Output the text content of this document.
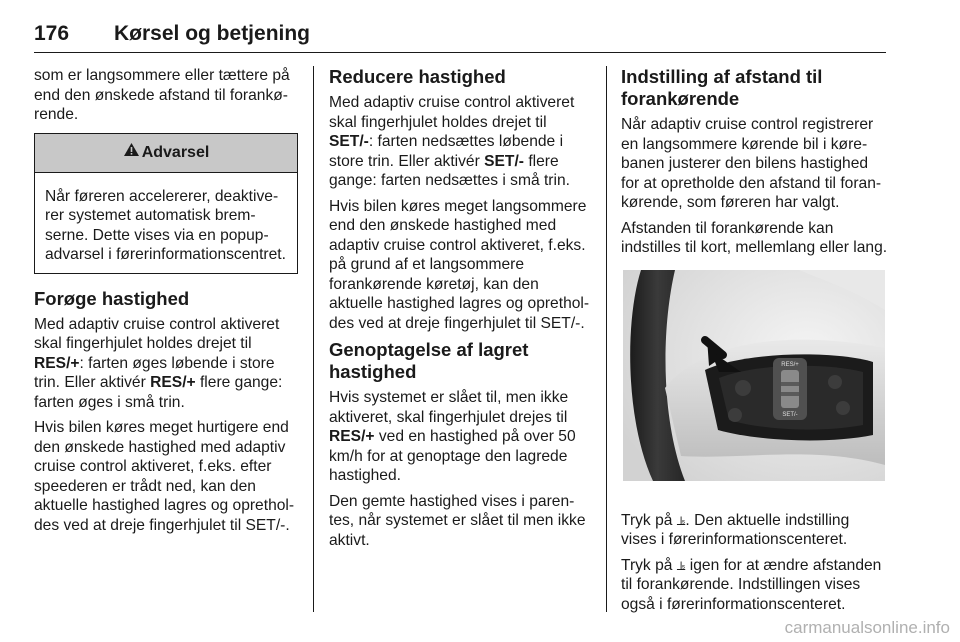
176 Kørsel og betjening

som er langsommere eller tættere på end den ønskede afstand til forankørende.

Advarsel
Når føreren accelererer, deaktiverer systemet automatisk bremserne. Dette vises via en popup-advarsel i førerinformationscentret.
Forøge hastighed

Med adaptiv cruise control aktiveret skal fingerhjulet holdes drejet til RES/+: farten øges løbende i store trin. Eller aktivér RES/+ flere gange: farten øges i små trin.

Hvis bilen køres meget hurtigere end den ønskede hastighed med adaptiv cruise control aktiveret, f.eks. efter speederen er trådt ned, kan den aktuelle hastighed lagres og opretholdes ved at dreje fingerhjulet til SET/-.

Reducere hastighed

Med adaptiv cruise control aktiveret skal fingerhjulet holdes drejet til SET/-: farten nedsættes løbende i store trin. Eller aktivér SET/- flere gange: farten nedsættes i små trin.

Hvis bilen køres meget langsommere end den ønskede hastighed med adaptiv cruise control aktiveret, f.eks. på grund af et langsommere forankørende køretøj, kan den aktuelle hastighed lagres og opretholdes ved at dreje fingerhjulet til SET/-.

Genoptagelse af lagret hastighed

Hvis systemet er slået til, men ikke aktiveret, skal fingerhjulet drejes til RES/+ ved en hastighed på over 50 km/h for at genoptage den lagrede hastighed.

Den gemte hastighed vises i parentes, når systemet er slået til men ikke aktivt.

Indstilling af afstand til forankørende

Når adaptiv cruise control registrerer en langsommere kørende bil i kørebanen justerer den bilens hastighed for at opretholde den afstand til forankørende, som føreren har valgt.

Afstanden til forankørende kan indstilles til kort, mellemlang eller lang.

RES/+
SET/-

Tryk på ⫡. Den aktuelle indstilling vises i førerinformationscenteret.

Tryk på ⫡ igen for at ændre afstanden til forankørende. Indstillingen vises også i førerinformationscenteret.

carmanualsonline.info
